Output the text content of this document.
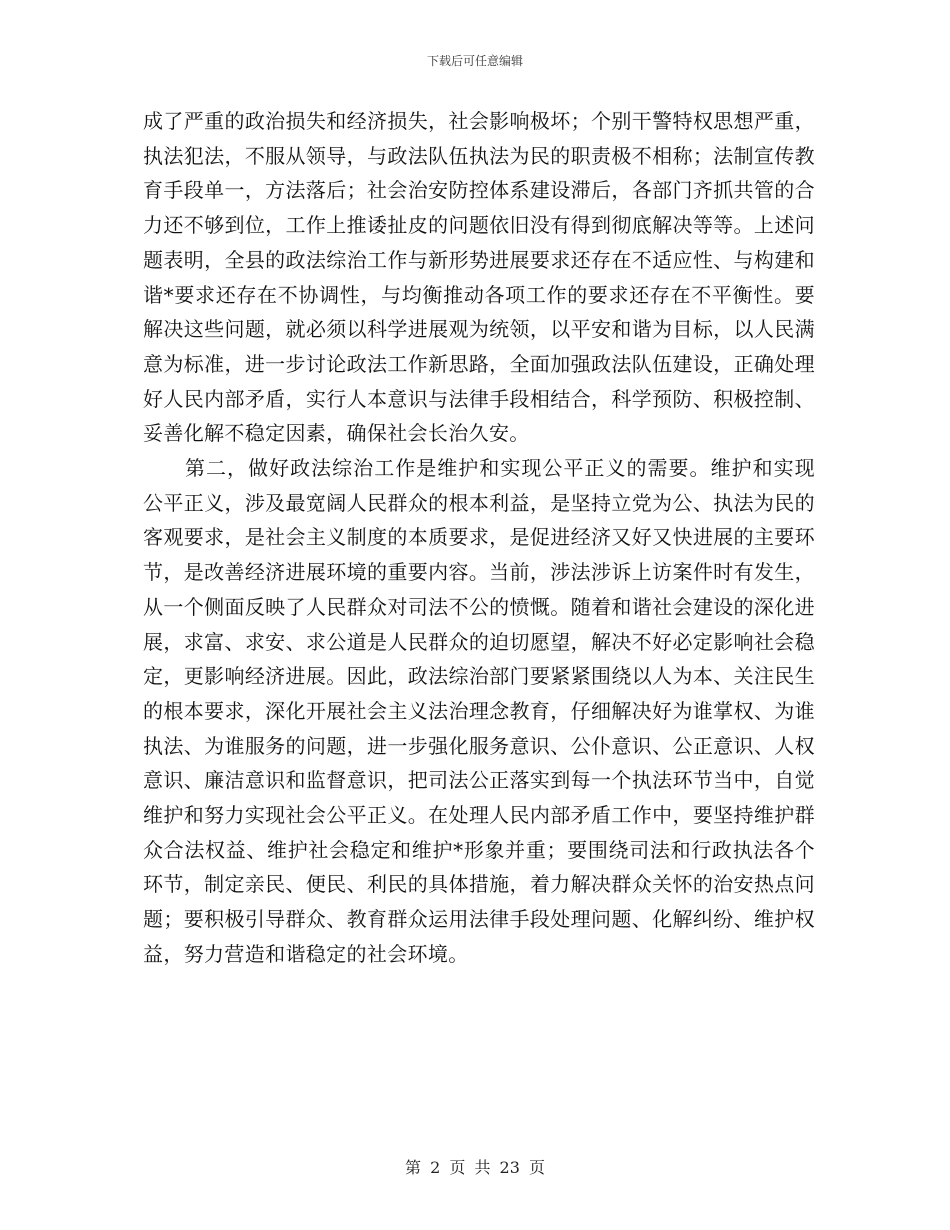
下载后可任意编辑

成了严重的政治损失和经济损失，社会影响极坏；个别干警特权思想严重，执法犯法，不服从领导，与政法队伍执法为民的职责极不相称；法制宣传教育手段单一，方法落后；社会治安防控体系建设滞后，各部门齐抓共管的合力还不够到位，工作上推诿扯皮的问题依旧没有得到彻底解决等等。上述问题表明，全县的政法综治工作与新形势进展要求还存在不适应性、与构建和谐*要求还存在不协调性，与均衡推动各项工作的要求还存在不平衡性。要解决这些问题，就必须以科学进展观为统领，以平安和谐为目标，以人民满意为标准，进一步讨论政法工作新思路，全面加强政法队伍建设，正确处理好人民内部矛盾，实行人本意识与法律手段相结合，科学预防、积极控制、妥善化解不稳定因素，确保社会长治久安。

第二，做好政法综治工作是维护和实现公平正义的需要。维护和实现公平正义，涉及最宽阔人民群众的根本利益，是坚持立党为公、执法为民的客观要求，是社会主义制度的本质要求，是促进经济又好又快进展的主要环节，是改善经济进展环境的重要内容。当前，涉法涉诉上访案件时有发生，从一个侧面反映了人民群众对司法不公的愤慨。随着和谐社会建设的深化进展，求富、求安、求公道是人民群众的迫切愿望，解决不好必定影响社会稳定，更影响经济进展。因此，政法综治部门要紧紧围绕以人为本、关注民生的根本要求，深化开展社会主义法治理念教育，仔细解决好为谁掌权、为谁执法、为谁服务的问题，进一步强化服务意识、公仆意识、公正意识、人权意识、廉洁意识和监督意识，把司法公正落实到每一个执法环节当中，自觉维护和努力实现社会公平正义。在处理人民内部矛盾工作中，要坚持维护群众合法权益、维护社会稳定和维护*形象并重；要围绕司法和行政执法各个环节，制定亲民、便民、利民的具体措施，着力解决群众关怀的治安热点问题；要积极引导群众、教育群众运用法律手段处理问题、化解纠纷、维护权益，努力营造和谐稳定的社会环境。

第 2 页 共 23 页
